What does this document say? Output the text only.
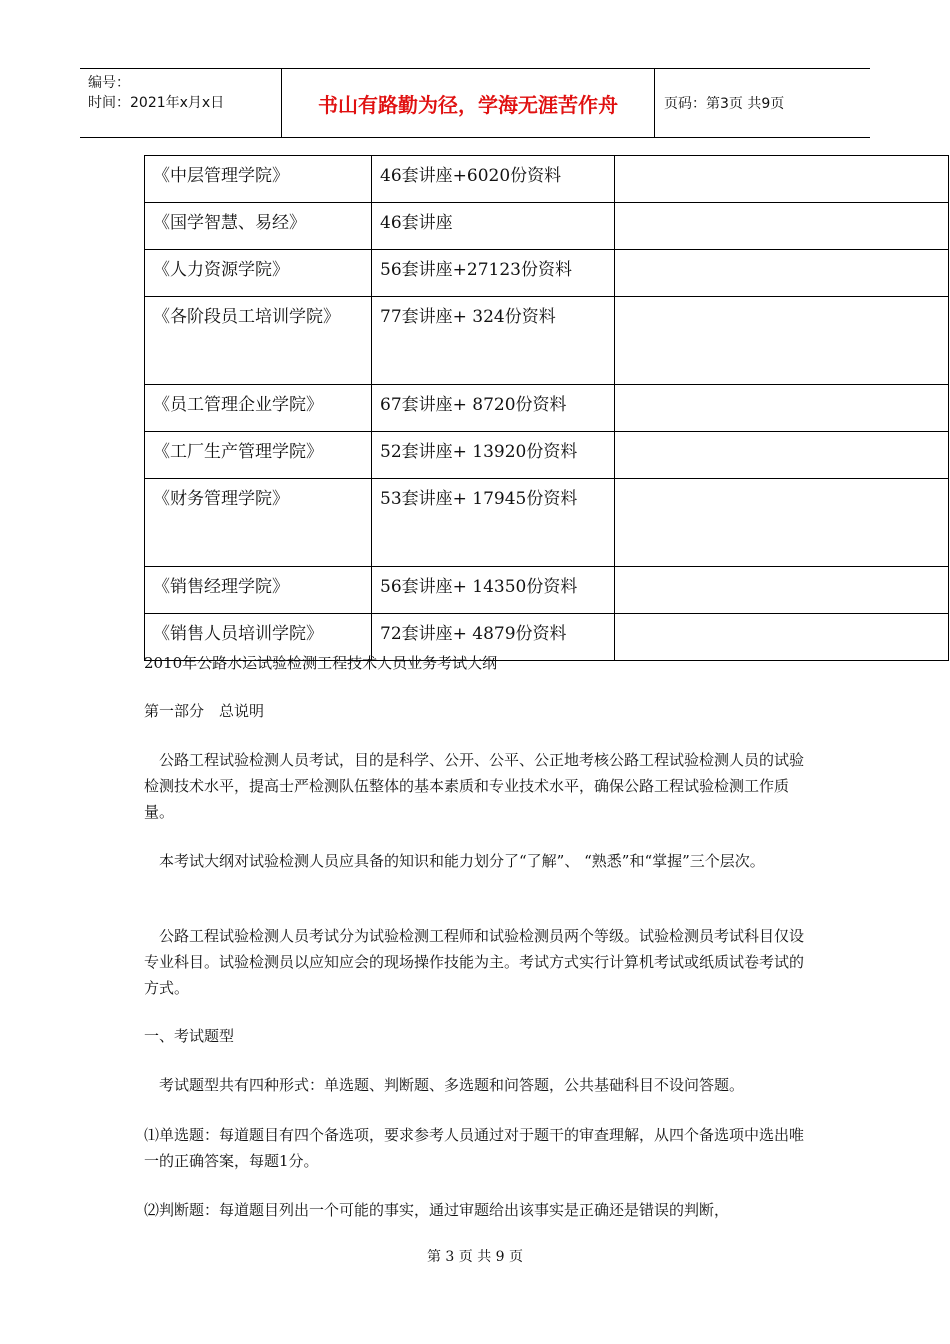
编号：
时间：2021年x月x日	书山有路勤为径，学海无涯苦作舟	页码：第3页 共9页
《中层管理学院》	46套讲座+6020份资料	
《国学智慧、易经》	46套讲座	
《人力资源学院》	56套讲座+27123份资料	
《各阶段员工培训学院》	77套讲座+ 324份资料	
《员工管理企业学院》	67套讲座+ 8720份资料	
《工厂生产管理学院》	52套讲座+ 13920份资料	
《财务管理学院》	53套讲座+ 17945份资料	
《销售经理学院》	56套讲座+ 14350份资料	
《销售人员培训学院》	72套讲座+ 4879份资料	

2010年公路水运试验检测工程技术人员业务考试大纲

第一部分　总说明

　公路工程试验检测人员考试，目的是科学、公开、公平、公正地考核公路工程试验检测人员的试验检测技术水平，提高士严检测队伍整体的基本素质和专业技术水平，确保公路工程试验检测工作质量。

　本考试大纲对试验检测人员应具备的知识和能力划分了“了解”、 “熟悉”和“掌握”三个层次。

　公路工程试验检测人员考试分为试验检测工程师和试验检测员两个等级。试验检测员考试科目仅设专业科目。试验检测员以应知应会的现场操作技能为主。考试方式实行计算机考试或纸质试卷考试的方式。

一、考试题型

　考试题型共有四种形式：单选题、判断题、多选题和问答题，公共基础科目不设问答题。

⑴单选题：每道题目有四个备选项，要求参考人员通过对于题干的审查理解，从四个备选项中选出唯一的正确答案，每题1分。

⑵判断题：每道题目列出一个可能的事实，通过审题给出该事实是正确还是错误的判断，

第 3 页 共 9 页
